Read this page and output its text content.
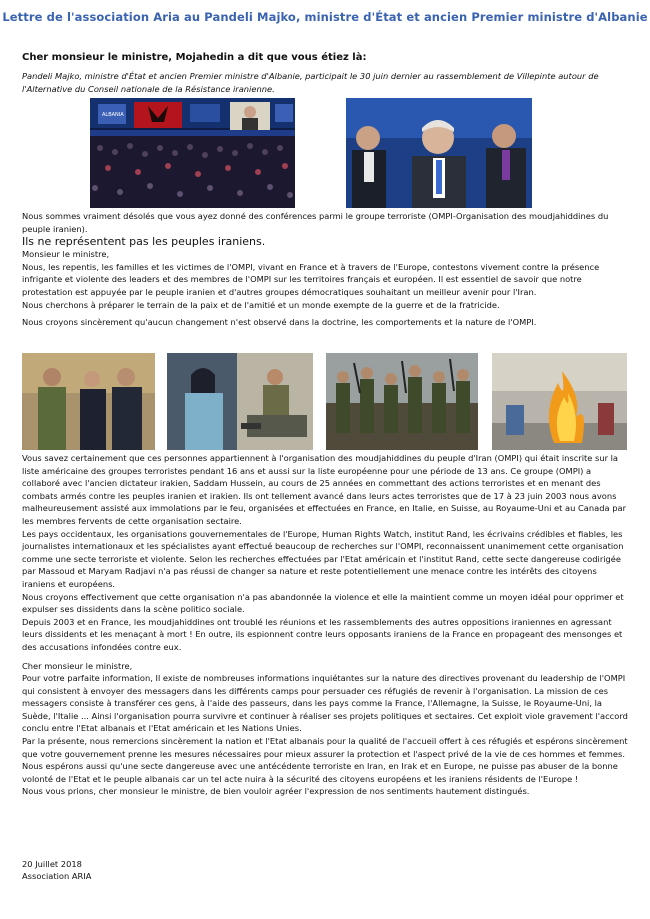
Lettre de l'association Aria au Pandeli Majko, ministre d'État et ancien Premier ministre d'Albanie
Cher monsieur le ministre, Mojahedin a dit que vous étiez là:
Pandeli Majko, ministre d'État et ancien Premier ministre d'Albanie, participait le 30 juin dernier au rassemblement de Villepinte autour de l'Alternative du Conseil nationale de la Résistance iranienne.
ALBANIA

Nous sommes vraiment désolés que vous ayez donné des conférences parmi le groupe terroriste (OMPI-Organisation des moudjahiddines du peuple iranien).

Ils ne représentent pas les peuples iraniens.

Monsieur le ministre,

Nous, les repentis, les familles et les victimes de l'OMPI, vivant en France et à travers de l'Europe, contestons vivement contre la présence infrigante et violente des leaders et des membres de l'OMPI sur les territoires français et européen. Il est essentiel de savoir que notre protestation est appuyée par le peuple iranien et d'autres groupes démocratiques souhaitant un meilleur avenir pour l'Iran.

Nous cherchons à préparer le terrain de la paix et de l'amitié et un monde exempte de la guerre et de la fratricide.

Nous croyons sincèrement qu'aucun changement n'est observé dans la doctrine, les comportements et la nature de l'OMPI.

Vous savez certainement que ces personnes appartiennent à l'organisation des moudjahiddines du peuple d'Iran (OMPI) qui était inscrite sur la liste américaine des groupes terroristes pendant 16 ans et aussi sur la liste européenne pour une période de 13 ans. Ce groupe (OMPI) a collaboré avec l'ancien dictateur irakien, Saddam Hussein, au cours de 25 années en commettant des actions terroristes et en menant des combats armés contre les peuples iranien et irakien. Ils ont tellement avancé dans leurs actes terroristes que de 17 à 23 juin 2003 nous avons malheureusement assisté aux immolations par le feu, organisées et effectuées en France, en Italie, en Suisse, au Royaume-Uni et au Canada par les membres fervents de cette organisation sectaire.

Les pays occidentaux, les organisations gouvernementales de l'Europe, Human Rights Watch, institut Rand, les écrivains crédibles et fiables, les journalistes internationaux et les spécialistes ayant effectué beaucoup de recherches sur l'OMPI, reconnaissent unanimement cette organisation comme une secte terroriste et violente. Selon les recherches effectuées par l'Etat américain et l'institut Rand, cette secte dangereuse codirigée par Massoud et Maryam Radjavi n'a pas réussi de changer sa nature et reste potentiellement une menace contre les intérêts des citoyens iraniens et européens.

Nous croyons effectivement que cette organisation n'a pas abandonnée la violence et elle la maintient comme un moyen idéal pour opprimer et expulser ses dissidents dans la scène politico sociale.

Depuis 2003 et en France, les moudjahiddines ont troublé les réunions et les rassemblements des autres oppositions iraniennes en agressant leurs dissidents et les menaçant à mort ! En outre, ils espionnent contre leurs opposants iraniens de la France en propageant des mensonges et des accusations infondées contre eux.

Cher monsieur le ministre,

Pour votre parfaite information, Il existe de nombreuses informations inquiétantes sur la nature des directives provenant du leadership de l'OMPI qui consistent à envoyer des messagers dans les différents camps pour persuader ces réfugiés de revenir à l'organisation. La mission de ces messagers consiste à transférer ces gens, à l'aide des passeurs, dans les pays comme la France, l'Allemagne, la Suisse, le Royaume-Uni, la Suède, l'Italie ... Ainsi l'organisation pourra survivre et continuer à réaliser ses projets politiques et sectaires. Cet exploit viole gravement l'accord conclu entre l'Etat albanais et l'Etat américain et les Nations Unies.

Par la présente, nous remercions sincèrement la nation et l'Etat albanais pour la qualité de l'accueil offert à ces réfugiés et espérons sincèrement que votre gouvernement prenne les mesures nécessaires pour mieux assurer la protection et l'aspect privé de la vie de ces hommes et femmes. Nous espérons aussi qu'une secte dangereuse avec une antécédente terroriste en Iran, en Irak et en Europe, ne puisse pas abuser de la bonne volonté de l'Etat et le peuple albanais car un tel acte nuira à la sécurité des citoyens européens et les iraniens résidents de l'Europe !

Nous vous prions, cher monsieur le ministre, de bien vouloir agréer l'expression de nos sentiments hautement distingués.

20 Juillet 2018
Association ARIA
